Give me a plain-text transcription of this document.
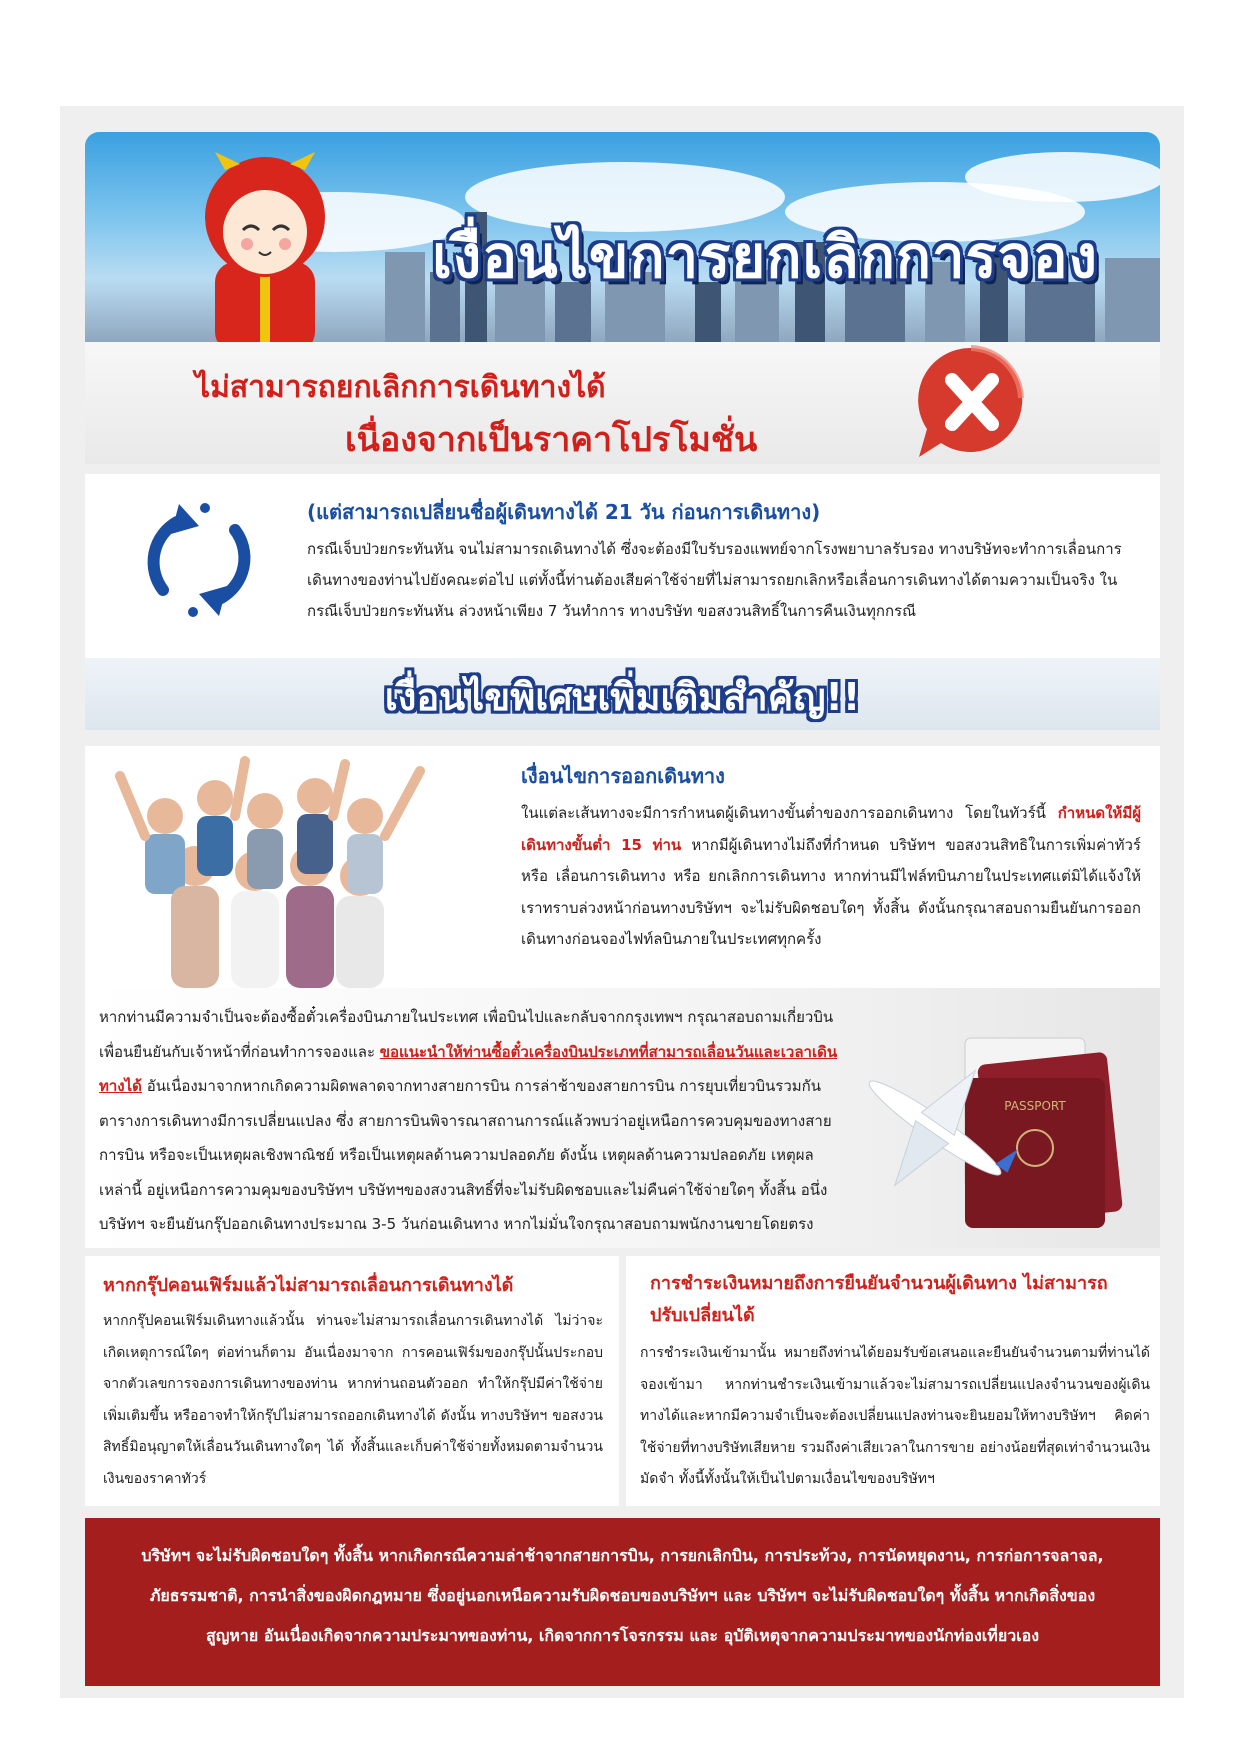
เงื่อนไขการยกเลิกการจอง
ไม่สามารถยกเลิกการเดินทางได้
เนื่องจากเป็นราคาโปรโมชั่น
(แต่สามารถเปลี่ยนชื่อผู้เดินทางได้ 21 วัน ก่อนการเดินทาง)
กรณีเจ็บป่วยกระทันหัน จนไม่สามารถเดินทางได้ ซึ่งจะต้องมีใบรับรองแพทย์จากโรงพยาบาลรับรอง ทางบริษัทจะทำการเลื่อนการเดินทางของท่านไปยังคณะต่อไป แต่ทั้งนี้ท่านต้องเสียค่าใช้จ่ายที่ไม่สามารถยกเลิกหรือเลื่อนการเดินทางได้ตามความเป็นจริง ในกรณีเจ็บป่วยกระทันหัน ล่วงหน้าเพียง 7 วันทำการ ทางบริษัท ขอสงวนสิทธิ์ในการคืนเงินทุกกรณี
เงื่อนไขพิเศษเพิ่มเติมสำคัญ!!
เงื่อนไขการออกเดินทาง
ในแต่ละเส้นทางจะมีการกำหนดผู้เดินทางขั้นต่ำของการออกเดินทาง โดยในทัวร์นี้ กำหนดให้มีผู้เดินทางขั้นต่ำ 15 ท่าน หากมีผู้เดินทางไม่ถึงที่กำหนด บริษัทฯ ขอสงวนสิทธิในการเพิ่มค่าทัวร์ หรือ เลื่อนการเดินทาง หรือ ยกเลิกการเดินทาง หากท่านมีไฟล์ทบินภายในประเทศแต่มิได้แจ้งให้เราทราบล่วงหน้าก่อนทางบริษัทฯ จะไม่รับผิดชอบใดๆ ทั้งสิ้น ดังนั้นกรุณาสอบถามยืนยันการออกเดินทางก่อนจองไฟท์ลบินภายในประเทศทุกครั้ง
หากท่านมีความจำเป็นจะต้องซื้อตั๋วเครื่องบินภายในประเทศ เพื่อบินไปและกลับจากกรุงเทพฯ กรุณาสอบถามเกี่ยวบินเพื่อนยืนยันกับเจ้าหน้าที่ก่อนทำการจองและ ขอแนะนำให้ท่านซื้อตั๋วเครื่องบินประเภทที่สามารถเลื่อนวันและเวลาเดินทางได้ อันเนื่องมาจากหากเกิดความผิดพลาดจากทางสายการบิน การล่าช้าของสายการบิน การยุบเที่ยวบินรวมกัน ตารางการเดินทางมีการเปลี่ยนแปลง ซึ่ง สายการบินพิจารณาสถานการณ์แล้วพบว่าอยู่เหนือการควบคุมของทางสายการบิน หรือจะเป็นเหตุผลเชิงพาณิชย์ หรือเป็นเหตุผลด้านความปลอดภัย ดังนั้น เหตุผลด้านความปลอดภัย เหตุผลเหล่านี้ อยู่เหนือการความคุมของบริษัทฯ บริษัทฯของสงวนสิทธิ์ที่จะไม่รับผิดชอบและไม่คืนค่าใช้จ่ายใดๆ ทั้งสิ้น อนึ่ง บริษัทฯ จะยืนยันกรุ๊ปออกเดินทางประมาณ 3-5 วันก่อนเดินทาง หากไม่มั่นใจกรุณาสอบถามพนักงานขายโดยตรง
PASSPORT
หากกรุ๊ปคอนเฟิร์มแล้วไม่สามารถเลื่อนการเดินทางได้
หากกรุ๊ปคอนเฟิร์มเดินทางแล้วนั้น ท่านจะไม่สามารถเลื่อนการเดินทางได้ ไม่ว่าจะเกิดเหตุการณ์ใดๆ ต่อท่านก็ตาม อันเนื่องมาจาก การคอนเฟิร์มของกรุ๊ปนั้นประกอบจากตัวเลขการจองการเดินทางของท่าน หากท่านถอนตัวออก ทำให้กรุ๊ปมีค่าใช้จ่ายเพิ่มเติมขึ้น หรืออาจทำให้กรุ๊ปไม่สามารถออกเดินทางได้ ดังนั้น ทางบริษัทฯ ขอสงวนสิทธิ์มิอนุญาตให้เลื่อนวันเดินทางใดๆ ได้ ทั้งสิ้นและเก็บค่าใช้จ่ายทั้งหมดตามจำนวนเงินของราคาทัวร์
การชำระเงินหมายถึงการยืนยันจำนวนผู้เดินทาง ไม่สามารถปรับเปลี่ยนได้
การชำระเงินเข้ามานั้น หมายถึงท่านได้ยอมรับข้อเสนอและยืนยันจำนวนตามที่ท่านได้จองเข้ามา หากท่านชำระเงินเข้ามาแล้วจะไม่สามารถเปลี่ยนแปลงจำนวนของผู้เดินทางได้และหากมีความจำเป็นจะต้องเปลี่ยนแปลงท่านจะยินยอมให้ทางบริษัทฯ คิดค่าใช้จ่ายที่ทางบริษัทเสียหาย รวมถึงค่าเสียเวลาในการขาย อย่างน้อยที่สุดเท่าจำนวนเงินมัดจำ ทั้งนี้ทั้งนั้นให้เป็นไปตามเงื่อนไขของบริษัทฯ
บริษัทฯ จะไม่รับผิดชอบใดๆ ทั้งสิ้น หากเกิดกรณีความล่าช้าจากสายการบิน, การยกเลิกบิน, การประท้วง, การนัดหยุดงาน, การก่อการจลาจล, ภัยธรรมชาติ, การนำสิ่งของผิดกฎหมาย ซึ่งอยู่นอกเหนือความรับผิดชอบของบริษัทฯ และ บริษัทฯ จะไม่รับผิดชอบใดๆ ทั้งสิ้น หากเกิดสิ่งของสูญหาย อันเนื่องเกิดจากความประมาทของท่าน, เกิดจากการโจรกรรม และ อุบัติเหตุจากความประมาทของนักท่องเที่ยวเอง
